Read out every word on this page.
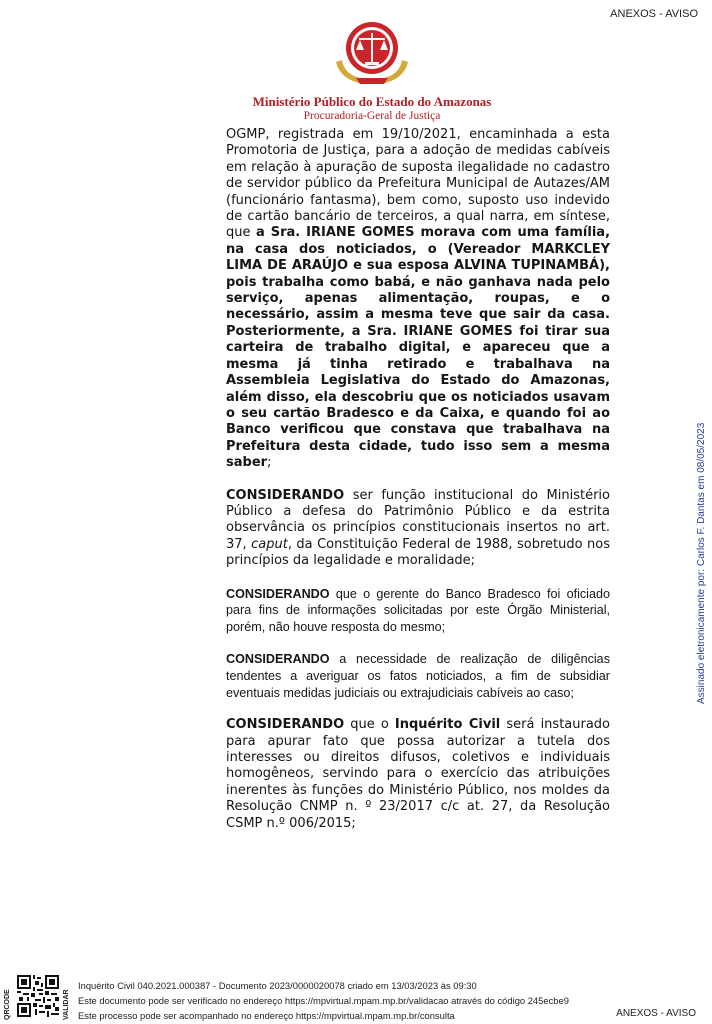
ANEXOS - AVISO
Ministério Público do Estado do Amazonas
Procuradoria-Geral de Justiça

OGMP, registrada em 19/10/2021, encaminhada a esta Promotoria de Justiça, para a adoção de medidas cabíveis em relação à apuração de suposta ilegalidade no cadastro de servidor público da Prefeitura Municipal de Autazes/AM (funcionário fantasma), bem como, suposto uso indevido de cartão bancário de terceiros, a qual narra, em síntese, que a Sra. IRIANE GOMES morava com uma família, na casa dos noticiados, o (Vereador MARKCLEY LIMA DE ARAÚJO e sua esposa ALVINA TUPINAMBÁ), pois trabalha como babá, e não ganhava nada pelo serviço, apenas alimentação, roupas, e o necessário, assim a mesma teve que sair da casa. Posteriormente, a Sra. IRIANE GOMES foi tirar sua carteira de trabalho digital, e apareceu que a mesma já tinha retirado e trabalhava na Assembleia Legislativa do Estado do Amazonas, além disso, ela descobriu que os noticiados usavam o seu cartão Bradesco e da Caixa, e quando foi ao Banco verificou que constava que trabalhava na Prefeitura desta cidade, tudo isso sem a mesma saber;

CONSIDERANDO ser função institucional do Ministério Público a defesa do Patrimônio Público e da estrita observância os princípios constitucionais insertos no art. 37, caput, da Constituição Federal de 1988, sobretudo nos princípios da legalidade e moralidade;

CONSIDERANDO que o gerente do Banco Bradesco foi oficiado para fins de informações solicitadas por este Órgão Ministerial, porém, não houve resposta do mesmo;

CONSIDERANDO a necessidade de realização de diligências tendentes a averiguar os fatos noticiados, a fim de subsidiar eventuais medidas judiciais ou extrajudiciais cabíveis ao caso;

CONSIDERANDO que o Inquérito Civil será instaurado para apurar fato que possa autorizar a tutela dos interesses ou direitos difusos, coletivos e individuais homogêneos, servindo para o exercício das atribuições inerentes às funções do Ministério Público, nos moldes da Resolução CNMP n. º 23/2017 c/c at. 27, da Resolução CSMP n.º 006/2015;

Assinado eletronicamente por: Carlos F. Dantas em 08/05/2023
QRCODE	VALIDAR
Inquérito Civil 040.2021.000387 - Documento 2023/0000020078 criado em 13/03/2023 às 09:30
Este documento pode ser verificado no endereço https://mpvirtual.mpam.mp.br/validacao através do código 245ecbe9
Este processo pode ser acompanhado no endereço https://mpvirtual.mpam.mp.br/consulta	ANEXOS - AVISO
